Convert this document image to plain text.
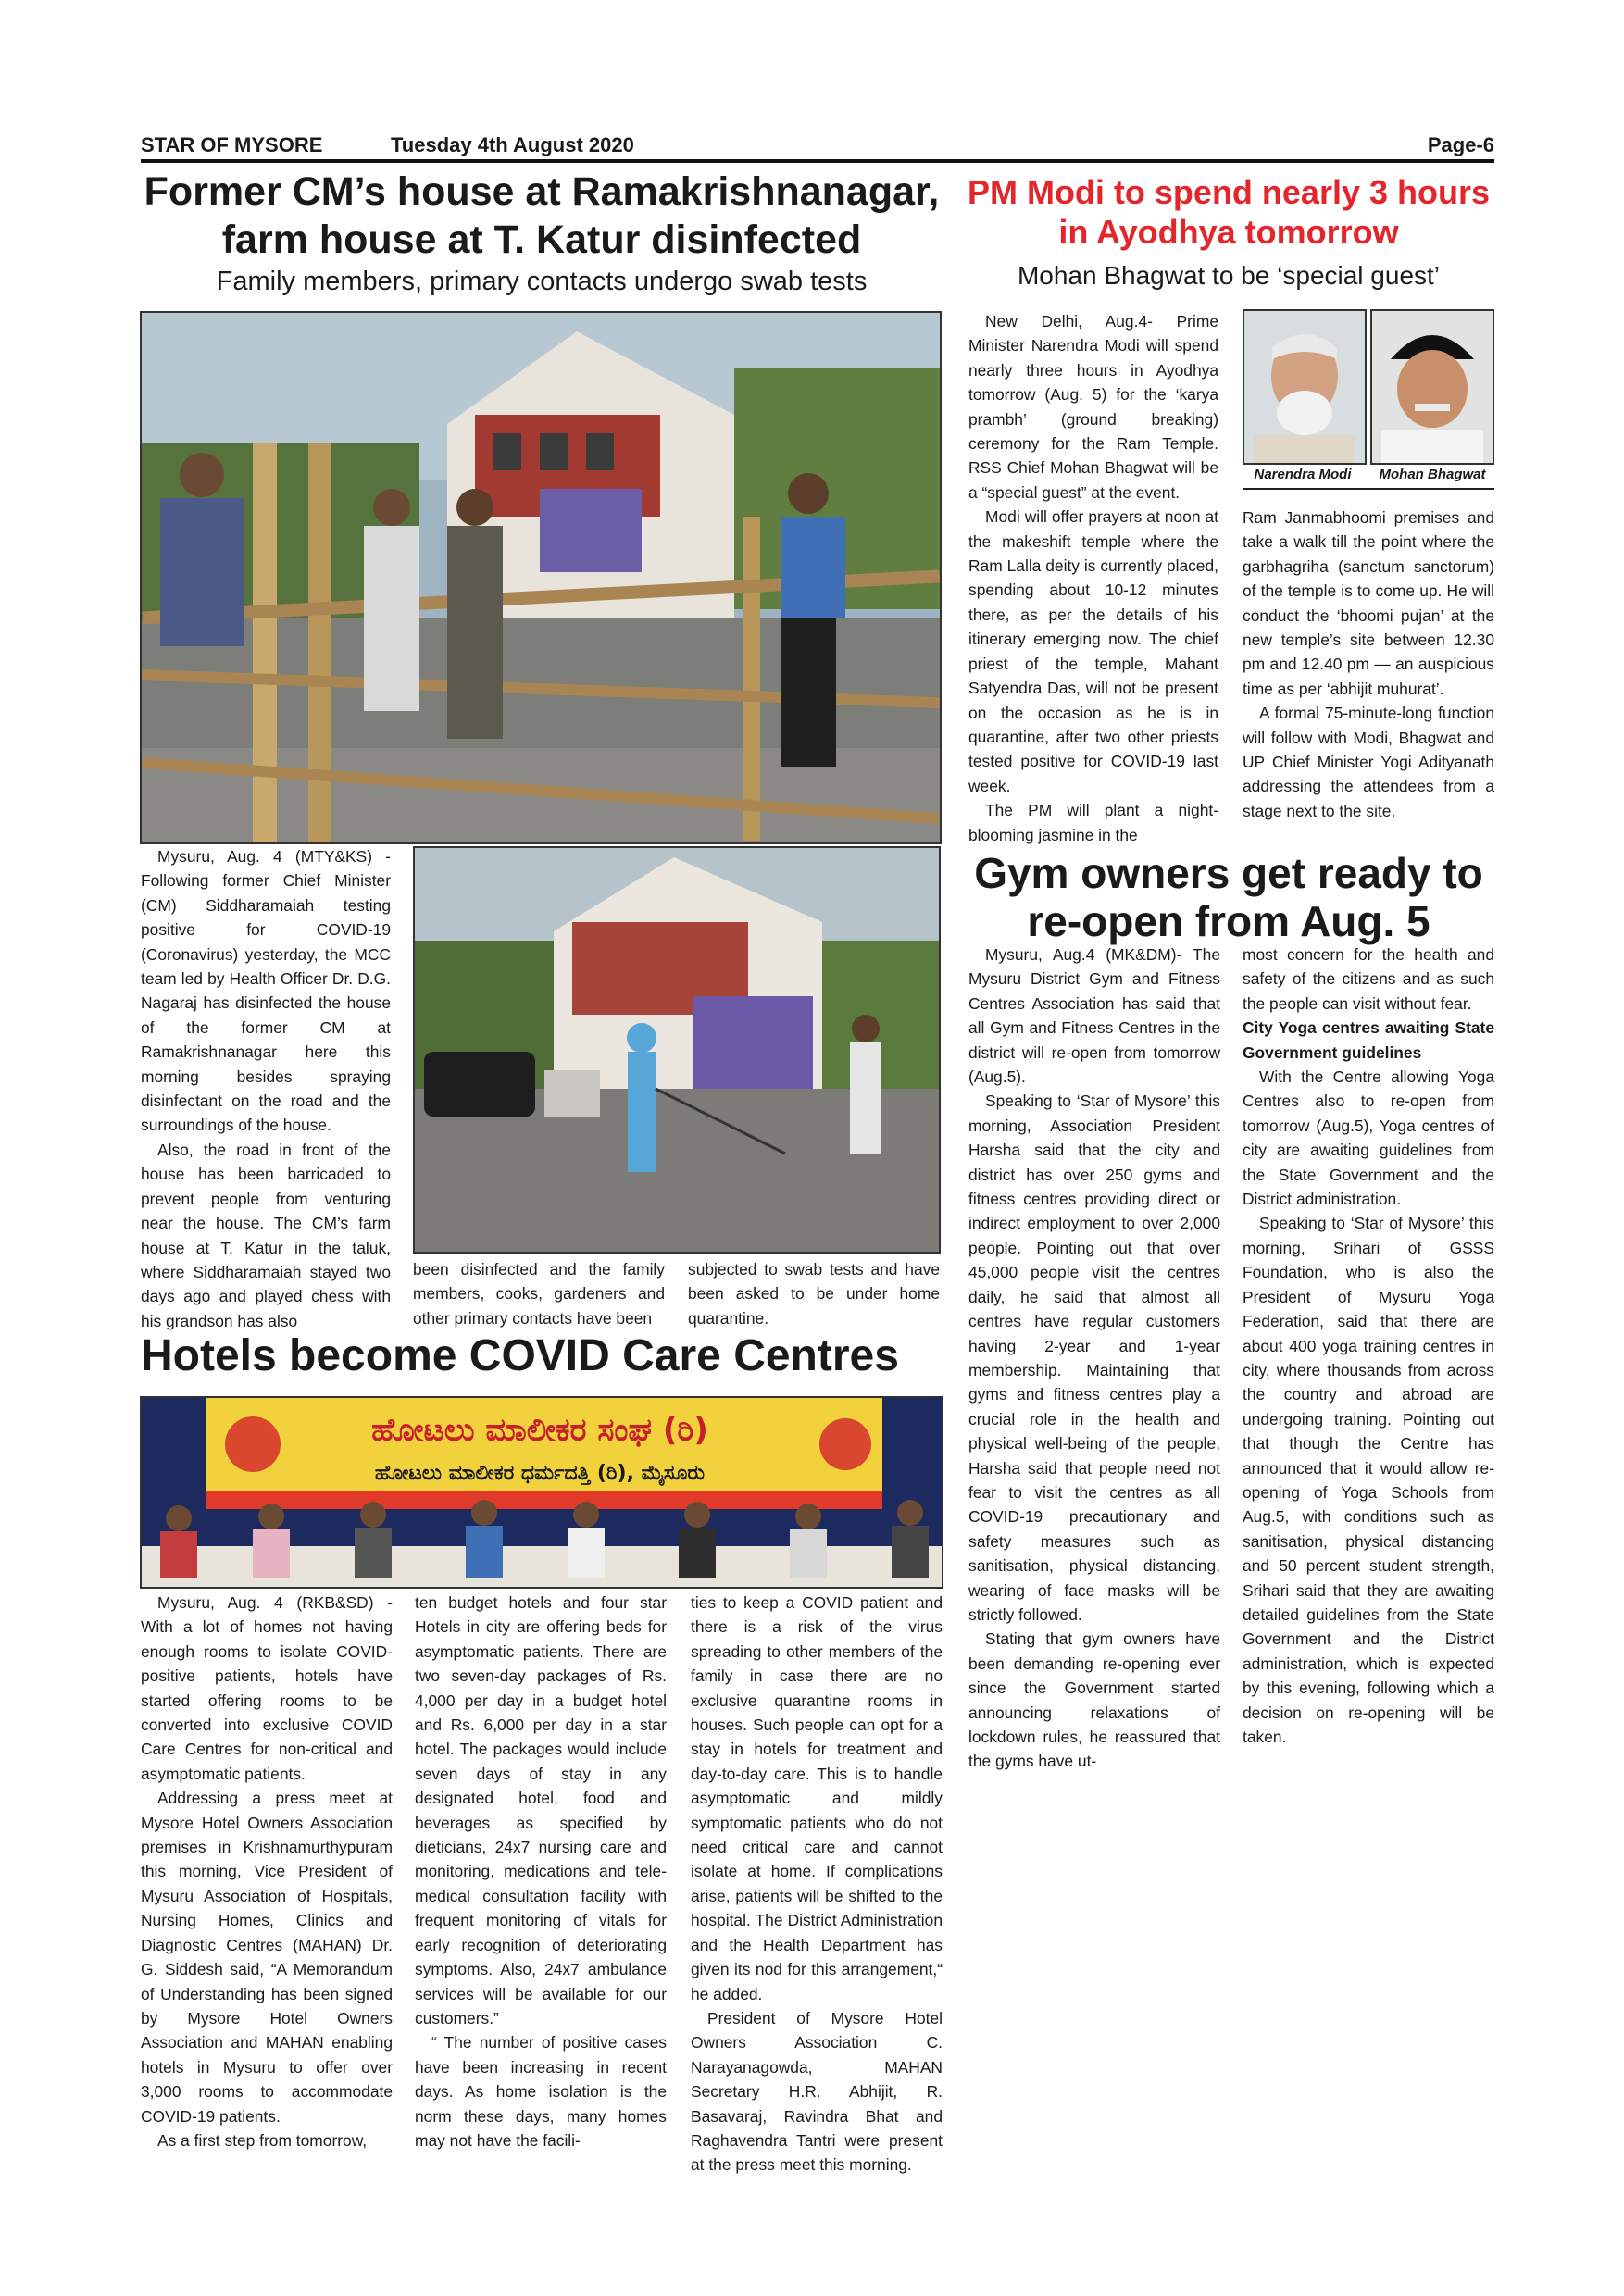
STAR OF MYSORE	Tuesday 4th August 2020	Page-6
Former CM’s house at Ramakrishnanagar,
farm house at T. Katur disinfected
Family members, primary contacts undergo swab tests

Mysuru, Aug. 4 (MTY&KS) - Following former Chief Minister (CM) Siddharamaiah testing positive for COVID-19 (Coronavirus) yesterday, the MCC team led by Health Officer Dr. D.G. Nagaraj has disinfected the house of the former CM at Ramakrishnanagar here this morning besides spraying disinfectant on the road and the surroundings of the house.

Also, the road in front of the house has been barricaded to prevent people from venturing near the house. The CM’s farm house at T. Katur in the taluk, where Siddharamaiah stayed two days ago and played chess with his grandson has also

been disinfected and the family members, cooks, gardeners and other primary contacts have been

subjected to swab tests and have been asked to be under home quarantine.

PM Modi to spend nearly 3 hours
in Ayodhya tomorrow
Mohan Bhagwat to be ‘special guest’

New Delhi, Aug.4- Prime Minister Narendra Modi will spend nearly three hours in Ayodhya tomorrow (Aug. 5) for the ‘karya prambh’ (ground breaking) ceremony for the Ram Temple. RSS Chief Mohan Bhagwat will be a “special guest” at the event.

Modi will offer prayers at noon at the makeshift temple where the Ram Lalla deity is currently placed, spending about 10-12 minutes there, as per the details of his itinerary emerging now. The chief priest of the temple, Mahant Satyendra Das, will not be present on the occasion as he is in quarantine, after two other priests tested positive for COVID-19 last week.

The PM will plant a night-blooming jasmine in the

Narendra Modi	Mohan Bhagwat

Ram Janmabhoomi premises and take a walk till the point where the garbhagriha (sanctum sanctorum) of the temple is to come up. He will conduct the ‘bhoomi pujan’ at the new temple’s site between 12.30 pm and 12.40 pm — an auspicious time as per ‘abhijit muhurat’.

A formal 75-minute-long function will follow with Modi, Bhagwat and UP Chief Minister Yogi Adityanath addressing the attendees from a stage next to the site.

Gym owners get ready to
re-open from Aug. 5

Mysuru, Aug.4 (MK&DM)- The Mysuru District Gym and Fitness Centres Association has said that all Gym and Fitness Centres in the district will re-open from tomorrow (Aug.5).

Speaking to ‘Star of Mysore’ this morning, Association President Harsha said that the city and district has over 250 gyms and fitness centres providing direct or indirect employment to over 2,000 people. Pointing out that over 45,000 people visit the centres daily, he said that almost all centres have regular customers having 2-year and 1-year membership. Maintaining that gyms and fitness centres play a crucial role in the health and physical well-being of the people, Harsha said that people need not fear to visit the centres as all COVID-19 precautionary and safety measures such as sanitisation, physical distancing, wearing of face masks will be strictly followed.

Stating that gym owners have been demanding re-opening ever since the Government started announcing relaxations of lockdown rules, he reassured that the gyms have ut-

most concern for the health and safety of the citizens and as such the people can visit without fear.

City Yoga centres awaiting State Government guidelines

With the Centre allowing Yoga Centres also to re-open from tomorrow (Aug.5), Yoga centres of city are awaiting guidelines from the State Government and the District administration.

Speaking to ‘Star of Mysore’ this morning, Srihari of GSSS Foundation, who is also the President of Mysuru Yoga Federation, said that there are about 400 yoga training centres in city, where thousands from across the country and abroad are undergoing training. Pointing out that though the Centre has announced that it would allow re-opening of Yoga Schools from Aug.5, with conditions such as sanitisation, physical distancing and 50 percent student strength, Srihari said that they are awaiting detailed guidelines from the State Government and the District administration, which is expected by this evening, following which a decision on re-opening will be taken.

Hotels become COVID Care Centres
ಹೋಟಲು ಮಾಲೀಕರ ಸಂಘ (ರಿ)
ಹೋಟಲು ಮಾಲೀಕರ ಧರ್ಮದತ್ತಿ (ರಿ), ಮೈಸೂರು

Mysuru, Aug. 4 (RKB&SD) - With a lot of homes not having enough rooms to isolate COVID- positive patients, hotels have started offering rooms to be converted into exclusive COVID Care Centres for non-critical and asymptomatic patients.

Addressing a press meet at Mysore Hotel Owners Association premises in Krishnamurthypuram this morning, Vice President of Mysuru Association of Hospitals, Nursing Homes, Clinics and Diagnostic Centres (MAHAN) Dr. G. Siddesh said, “A Memorandum of Understanding has been signed by Mysore Hotel Owners Association and MAHAN enabling hotels in Mysuru to offer over 3,000 rooms to accommodate COVID-19 patients.

As a first step from tomorrow,

ten budget hotels and four star Hotels in city are offering beds for asymptomatic patients. There are two seven-day packages of Rs. 4,000 per day in a budget hotel and Rs. 6,000 per day in a star hotel. The packages would include seven days of stay in any designated hotel, food and beverages as specified by dieticians, 24x7 nursing care and monitoring, medications and tele-medical consultation facility with frequent monitoring of vitals for early recognition of deteriorating symptoms. Also, 24x7 ambulance services will be available for our customers.”

“ The number of positive cases have been increasing in recent days. As home isolation is the norm these days, many homes may not have the facili-

ties to keep a COVID patient and there is a risk of the virus spreading to other members of the family in case there are no exclusive quarantine rooms in houses. Such people can opt for a stay in hotels for treatment and day-to-day care. This is to handle asymptomatic and mildly symptomatic patients who do not need critical care and cannot isolate at home. If complications arise, patients will be shifted to the hospital. The District Administration and the Health Department has given its nod for this arrangement,“ he added.

President of Mysore Hotel Owners Association C. Narayanagowda, MAHAN Secretary H.R. Abhijit, R. Basavaraj, Ravindra Bhat and Raghavendra Tantri were present at the press meet this morning.
